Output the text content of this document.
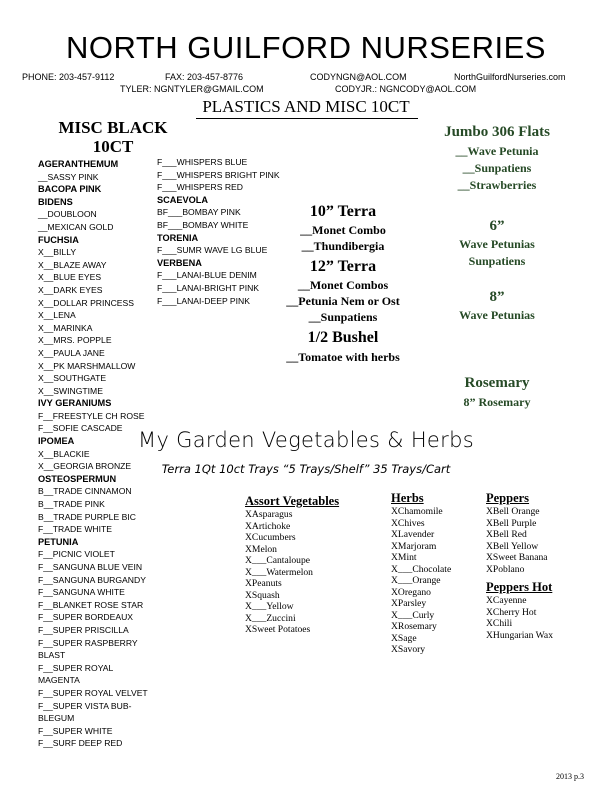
NORTH GUILFORD NURSERIES
PHONE: 203-457-9112	FAX: 203-457-8776	CODYNGN@AOL.COM	NorthGuilfordNurseries.com
TYLER: NGNTYLER@GMAIL.COM	CODYJR.: NGNCODY@AOL.COM
PLASTICS AND MISC 10CT
MISC BLACK
10CT
AGERANTHEMUM
__SASSY PINK
BACOPA PINK
BIDENS
__DOUBLOON
__MEXICAN GOLD
FUCHSIA
X__BILLY
X__BLAZE AWAY
X__BLUE EYES
X__DARK EYES
X__DOLLAR PRINCESS
X__LENA
X__MARINKA
X__MRS. POPPLE
X__PAULA JANE
X__PK MARSHMALLOW
X__SOUTHGATE
X__SWINGTIME
IVY GERANIUMS
F__FREESTYLE CH ROSE
F__SOFIE CASCADE
IPOMEA
X__BLACKIE
X__GEORGIA BRONZE
OSTEOSPERMUN
B__TRADE CINNAMON
B__TRADE PINK
B__TRADE PURPLE BIC
F__TRADE WHITE
PETUNIA
F__PICNIC VIOLET
F__SANGUNA BLUE VEIN
F__SANGUNA BURGANDY
F__SANGUNA WHITE
F__BLANKET ROSE STAR
F__SUPER BORDEAUX
F__SUPER PRISCILLA
F__SUPER RASPBERRY
BLAST
F__SUPER ROYAL
MAGENTA
F__SUPER ROYAL VELVET
F__SUPER VISTA BUB-
BLEGUM
F__SUPER WHITE
F__SURF DEEP RED
F___WHISPERS BLUE
F___WHISPERS BRIGHT PINK
F___WHISPERS RED
SCAEVOLA
BF___BOMBAY PINK
BF___BOMBAY WHITE
TORENIA
F___SUMR WAVE LG BLUE
VERBENA
F___LANAI-BLUE DENIM
F___LANAI-BRIGHT PINK
F___LANAI-DEEP PINK
10” Terra
__Monet Combo
__Thundibergia
12” Terra
__Monet Combos
__Petunia Nem or Ost
__Sunpatiens
1/2 Bushel
__Tomatoe with herbs
Jumbo 306 Flats
__Wave Petunia
__Sunpatiens
__Strawberries
6”
Wave Petunias
Sunpatiens
8”
Wave Petunias
Rosemary
8” Rosemary
My Garden Vegetables & Herbs
Terra 1Qt 10ct Trays “5 Trays/Shelf” 35 Trays/Cart
Assort Vegetables
XAsparagus
XArtichoke
XCucumbers
XMelon
X___Cantaloupe
X___Watermelon
XPeanuts
XSquash
X___Yellow
X___Zuccini
XSweet Potatoes
Herbs
XChamomile
XChives
XLavender
XMarjoram
XMint
X___Chocolate
X___Orange
XOregano
XParsley
X___Curly
XRosemary
XSage
XSavory
Peppers
XBell Orange
XBell Purple
XBell Red
XBell Yellow
XSweet Banana
XPoblano
Peppers Hot
XCayenne
XCherry Hot
XChili
XHungarian Wax
2013 p.3
